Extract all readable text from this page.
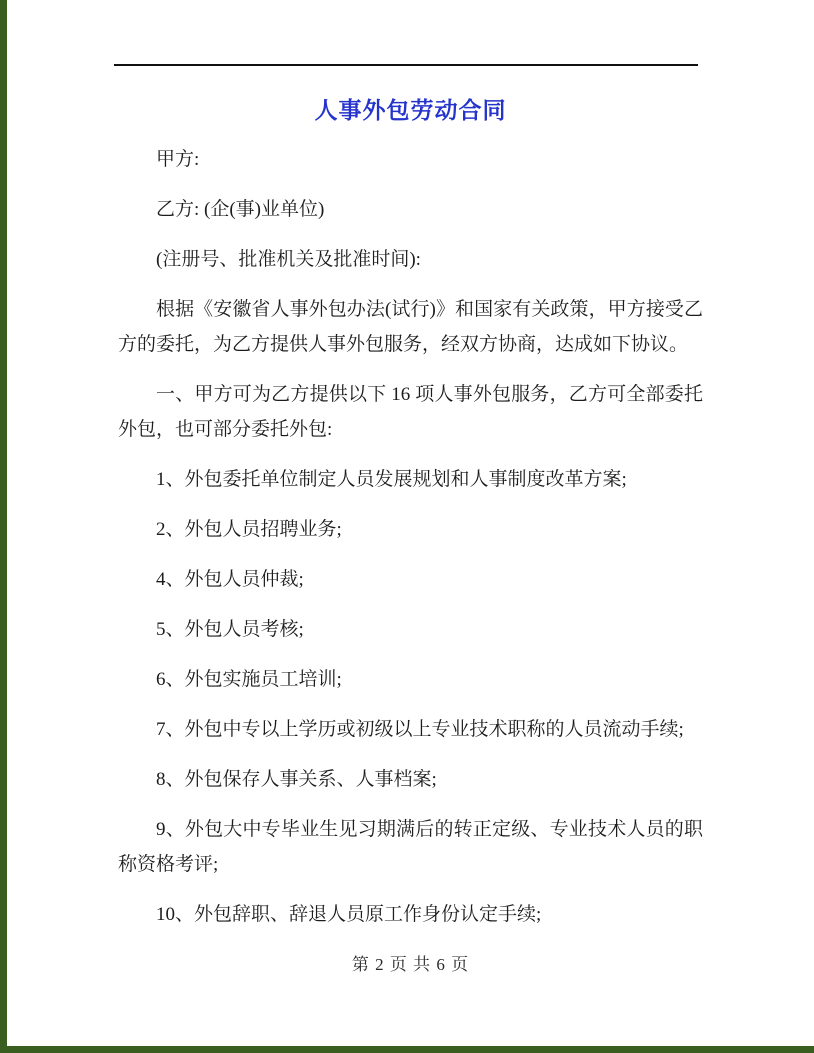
人事外包劳动合同

甲方:

乙方: (企(事)业单位)

(注册号、批准机关及批准时间):

根据《安徽省人事外包办法(试行)》和国家有关政策，甲方接受乙方的委托，为乙方提供人事外包服务，经双方协商，达成如下协议。

一、甲方可为乙方提供以下 16 项人事外包服务，乙方可全部委托外包，也可部分委托外包:

1、外包委托单位制定人员发展规划和人事制度改革方案;

2、外包人员招聘业务;

4、外包人员仲裁;

5、外包人员考核;

6、外包实施员工培训;

7、外包中专以上学历或初级以上专业技术职称的人员流动手续;

8、外包保存人事关系、人事档案;

9、外包大中专毕业生见习期满后的转正定级、专业技术人员的职称资格考评;

10、外包辞职、辞退人员原工作身份认定手续;

第 2 页 共 6 页
